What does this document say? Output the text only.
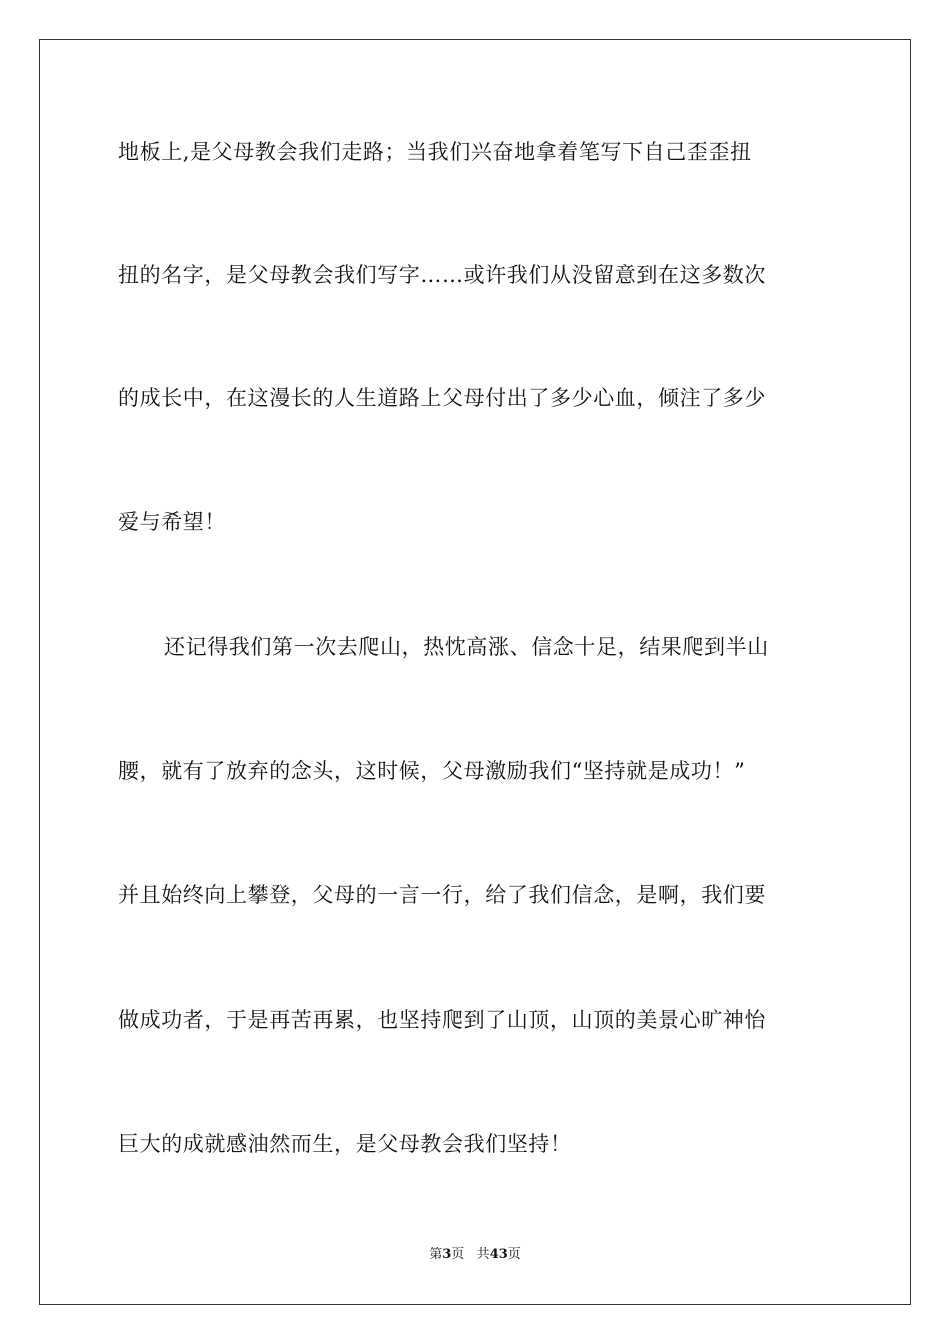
地板上,是父母教会我们走路；当我们兴奋地拿着笔写下自己歪歪扭
扭的名字，是父母教会我们写字……或许我们从没留意到在这多数次
的成长中，在这漫长的人生道路上父母付出了多少心血，倾注了多少
爱与希望！
还记得我们第一次去爬山，热忱高涨、信念十足，结果爬到半山
腰，就有了放弃的念头，这时候，父母激励我们“坚持就是成功！”
并且始终向上攀登，父母的一言一行，给了我们信念，是啊，我们要
做成功者，于是再苦再累，也坚持爬到了山顶，山顶的美景心旷神怡
巨大的成就感油然而生，是父母教会我们坚持！
第3页 共43页
